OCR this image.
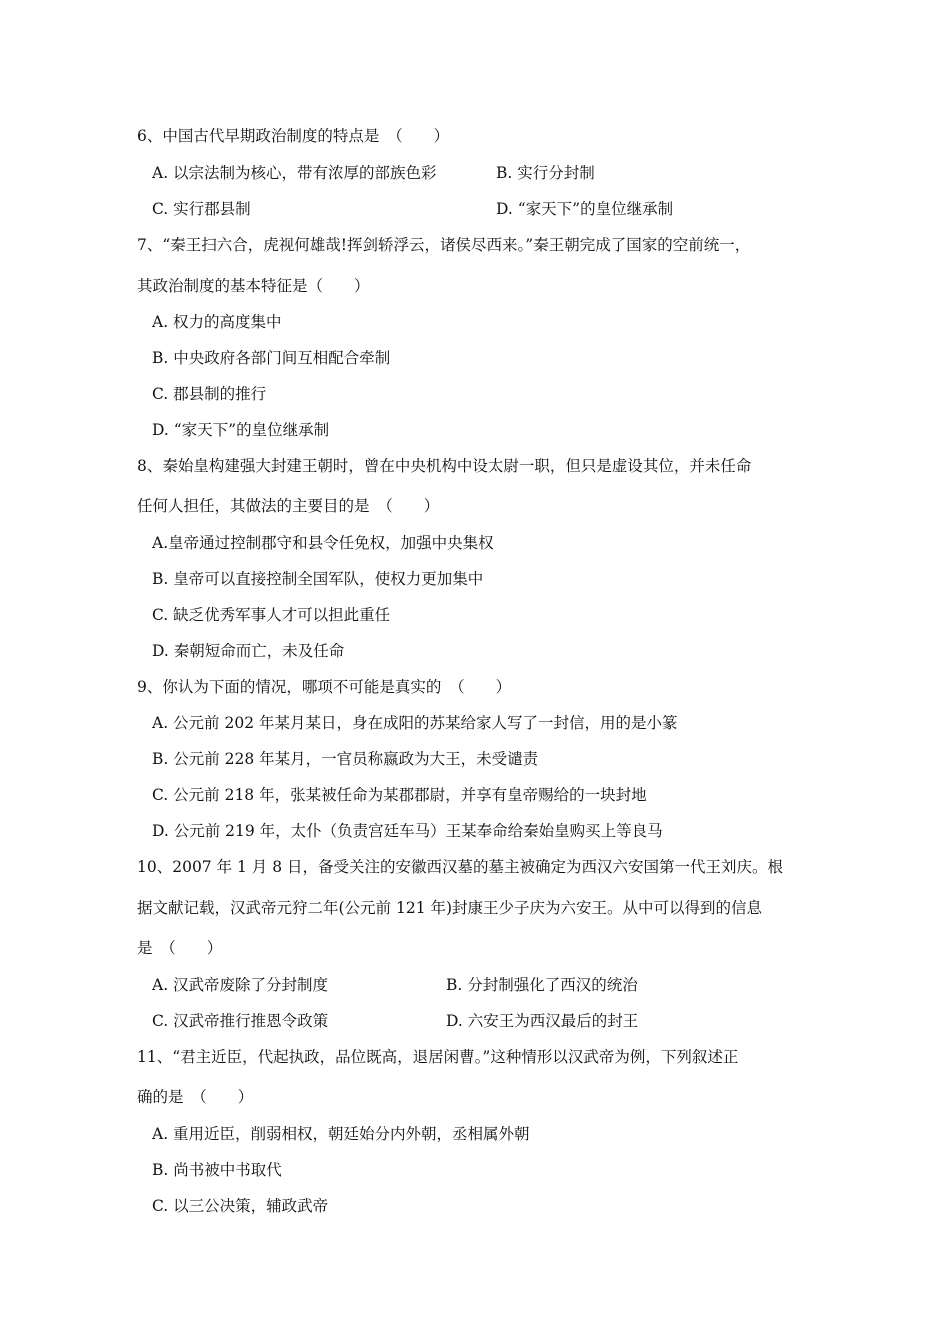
6、中国古代早期政治制度的特点是　（　　）
A. 以宗法制为核心，带有浓厚的部族色彩	B. 实行分封制
C. 实行郡县制	D. “家天下”的皇位继承制
7、“秦王扫六合，虎视何雄哉!挥剑轿浮云，诸侯尽西来。”秦王朝完成了国家的空前统一，
其政治制度的基本特征是（　　）
A. 权力的高度集中
B. 中央政府各部门间互相配合牵制
C. 郡县制的推行
D. “家天下”的皇位继承制
8、秦始皇构建强大封建王朝时，曾在中央机构中设太尉一职，但只是虚设其位，并未任命
任何人担任，其做法的主要目的是　（　　）
A.皇帝通过控制郡守和县令任免权，加强中央集权
B. 皇帝可以直接控制全国军队，使权力更加集中
C. 缺乏优秀军事人才可以担此重任
D. 秦朝短命而亡，未及任命
9、你认为下面的情况，哪项不可能是真实的　（　　）
A. 公元前 202 年某月某日，身在成阳的苏某给家人写了一封信，用的是小篆
B. 公元前 228 年某月，一官员称嬴政为大王，未受谴责
C. 公元前 218 年，张某被任命为某郡郡尉，并享有皇帝赐给的一块封地
D. 公元前 219 年，太仆（负责宫廷车马）王某奉命给秦始皇购买上等良马
10、2007 年 1 月 8 日，备受关注的安徽西汉墓的墓主被确定为西汉六安国第一代王刘庆。根
据文献记载，汉武帝元狩二年(公元前 121 年)封康王少子庆为六安王。从中可以得到的信息
是　（　　）
A. 汉武帝废除了分封制度	B. 分封制强化了西汉的统治
C. 汉武帝推行推恩令政策	D. 六安王为西汉最后的封王
11、“君主近臣，代起执政，品位既高，退居闲曹。”这种情形以汉武帝为例，下列叙述正
确的是　（　　）
A. 重用近臣，削弱相权，朝廷始分内外朝，丞相属外朝
B. 尚书被中书取代
C. 以三公决策，辅政武帝
